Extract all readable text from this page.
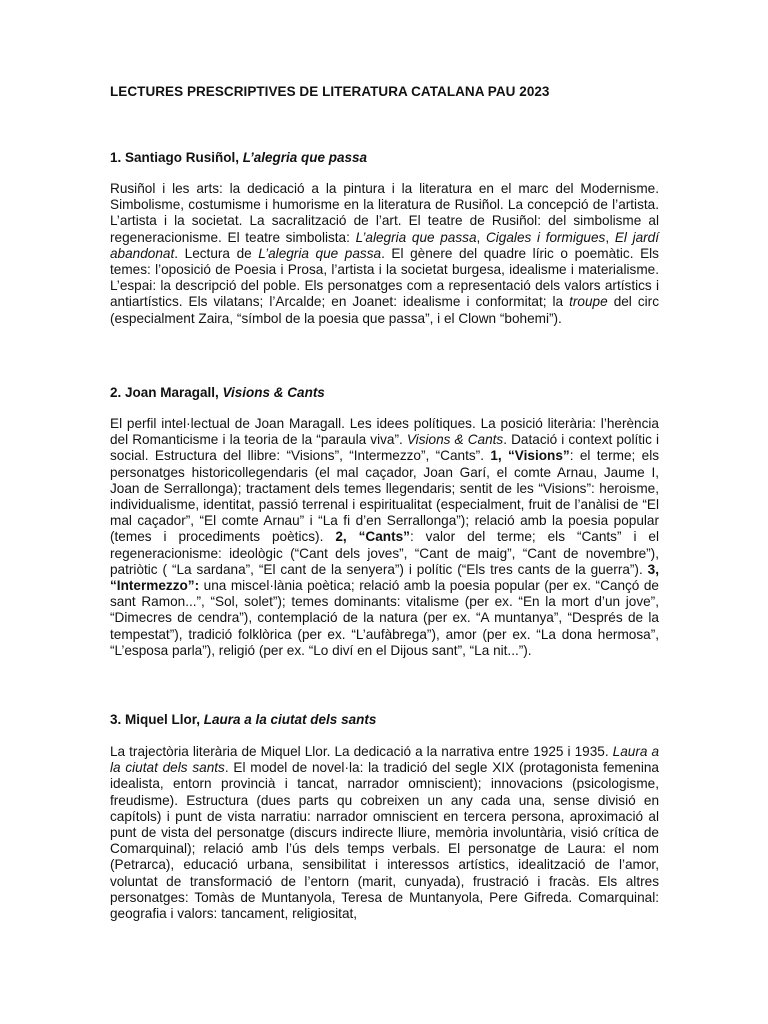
LECTURES PRESCRIPTIVES DE LITERATURA CATALANA PAU 2023
1. Santiago Rusiñol, L’alegria que passa

Rusiñol i les arts: la dedicació a la pintura i la literatura en el marc del Modernisme. Simbolisme, costumisme i humorisme en la literatura de Rusiñol. La concepció de l’artista. L’artista i la societat. La sacralització de l’art. El teatre de Rusiñol: del simbolisme al regeneracionisme. El teatre simbolista: L’alegria que passa, Cigales i formigues, El jardí abandonat. Lectura de L’alegria que passa. El gènere del quadre líric o poemàtic. Els temes: l’oposició de Poesia i Prosa, l’artista i la societat burgesa, idealisme i materialisme. L’espai: la descripció del poble. Els personatges com a representació dels valors artístics i antiartístics. Els vilatans; l’Arcalde; en Joanet: idealisme i conformitat; la troupe del circ (especialment Zaira, “símbol de la poesia que passa”, i el Clown “bohemi”).

2. Joan Maragall, Visions & Cants

El perfil intel·lectual de Joan Maragall. Les idees polítiques. La posició literària: l’herència del Romanticisme i la teoria de la “paraula viva”. Visions & Cants. Datació i context polític i social. Estructura del llibre: “Visions”, “Intermezzo”, “Cants”. 1, “Visions”: el terme; els personatges historicollegendaris (el mal caçador, Joan Garí, el comte Arnau, Jaume I, Joan de Serrallonga); tractament dels temes llegendaris; sentit de les “Visions”: heroisme, individualisme, identitat, passió terrenal i espiritualitat (especialment, fruit de l’anàlisi de “El mal caçador”, “El comte Arnau” i “La fi d’en Serrallonga”); relació amb la poesia popular (temes i procediments poètics). 2, “Cants”: valor del terme; els “Cants” i el regeneracionisme: ideològic (“Cant dels joves”, “Cant de maig”, “Cant de novembre”), patriòtic ( “La sardana”, “El cant de la senyera”) i polític (“Els tres cants de la guerra”). 3, “Intermezzo”: una miscel·lània poètica; relació amb la poesia popular (per ex. “Cançó de sant Ramon...”, “Sol, solet”); temes dominants: vitalisme (per ex. “En la mort d’un jove”, “Dimecres de cendra”), contemplació de la natura (per ex. “A muntanya”, “Després de la tempestat”), tradició folklòrica (per ex. “L’aufàbrega”), amor (per ex. “La dona hermosa”, “L’esposa parla”), religió (per ex. “Lo diví en el Dijous sant”, “La nit...”).

3. Miquel Llor, Laura a la ciutat dels sants

La trajectòria literària de Miquel Llor. La dedicació a la narrativa entre 1925 i 1935. Laura a la ciutat dels sants. El model de novel·la: la tradició del segle XIX (protagonista femenina idealista, entorn provincià i tancat, narrador omniscient); innovacions (psicologisme, freudisme). Estructura (dues parts qu cobreixen un any cada una, sense divisió en capítols) i punt de vista narratiu: narrador omniscient en tercera persona, aproximació al punt de vista del personatge (discurs indirecte lliure, memòria involuntària, visió crítica de Comarquinal); relació amb l’ús dels temps verbals. El personatge de Laura: el nom (Petrarca), educació urbana, sensibilitat i interessos artístics, idealització de l’amor, voluntat de transformació de l’entorn (marit, cunyada), frustració i fracàs. Els altres personatges: Tomàs de Muntanyola, Teresa de Muntanyola, Pere Gifreda. Comarquinal: geografia i valors: tancament, religiositat,
